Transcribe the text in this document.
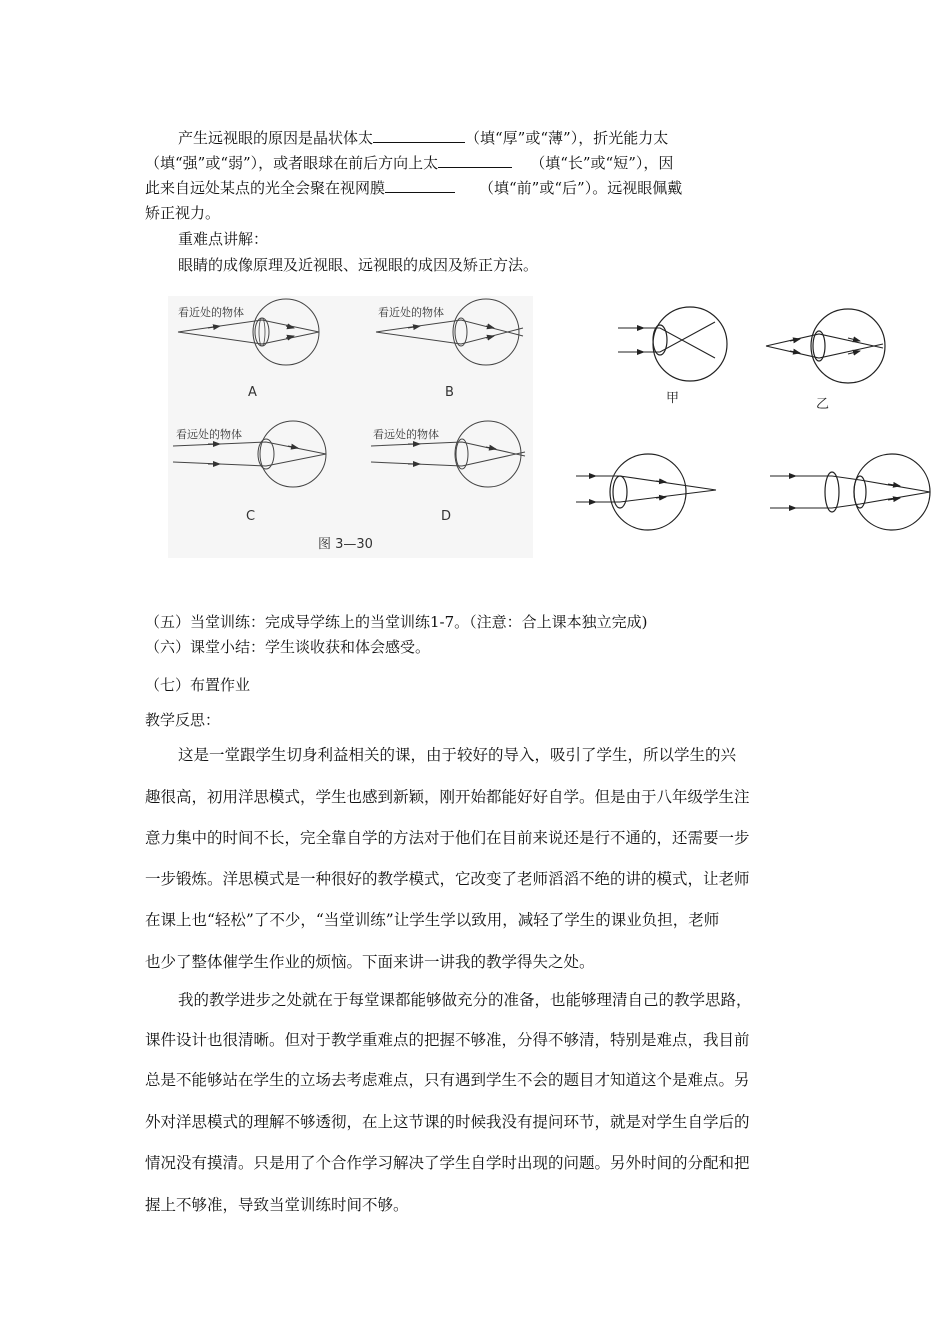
产生远视眼的原因是晶状体太	（填“厚”或“薄”），折光能力太
（填“强”或“弱”），或者眼球在前后方向上太	（填“长”或“短”），因
此来自远处某点的光全会聚在视网膜	（填“前”或“后”）。远视眼佩戴
矫正视力。
重难点讲解：
眼睛的成像原理及近视眼、远视眼的成因及矫正方法。
看近处的物体
A
看近处的物体
B
看远处的物体
C
看远处的物体
D
图 3—30
甲	乙
（五）当堂训练：完成导学练上的当堂训练1-7。（注意：合上课本独立完成)
（六）课堂小结：学生谈收获和体会感受。
（七）布置作业
教学反思：
这是一堂跟学生切身利益相关的课，由于较好的导入，吸引了学生，所以学生的兴
趣很高，初用洋思模式，学生也感到新颖，刚开始都能好好自学。但是由于八年级学生注
意力集中的时间不长，完全靠自学的方法对于他们在目前来说还是行不通的，还需要一步
一步锻炼。洋思模式是一种很好的教学模式，它改变了老师滔滔不绝的讲的模式，让老师
在课上也“轻松”了不少，“当堂训练”让学生学以致用，减轻了学生的课业负担，老师
也少了整体催学生作业的烦恼。下面来讲一讲我的教学得失之处。
我的教学进步之处就在于每堂课都能够做充分的准备，也能够理清自己的教学思路，
课件设计也很清晰。但对于教学重难点的把握不够准，分得不够清，特别是难点，我目前
总是不能够站在学生的立场去考虑难点，只有遇到学生不会的题目才知道这个是难点。另
外对洋思模式的理解不够透彻，在上这节课的时候我没有提问环节，就是对学生自学后的
情况没有摸清。只是用了个合作学习解决了学生自学时出现的问题。另外时间的分配和把
握上不够准，导致当堂训练时间不够。
